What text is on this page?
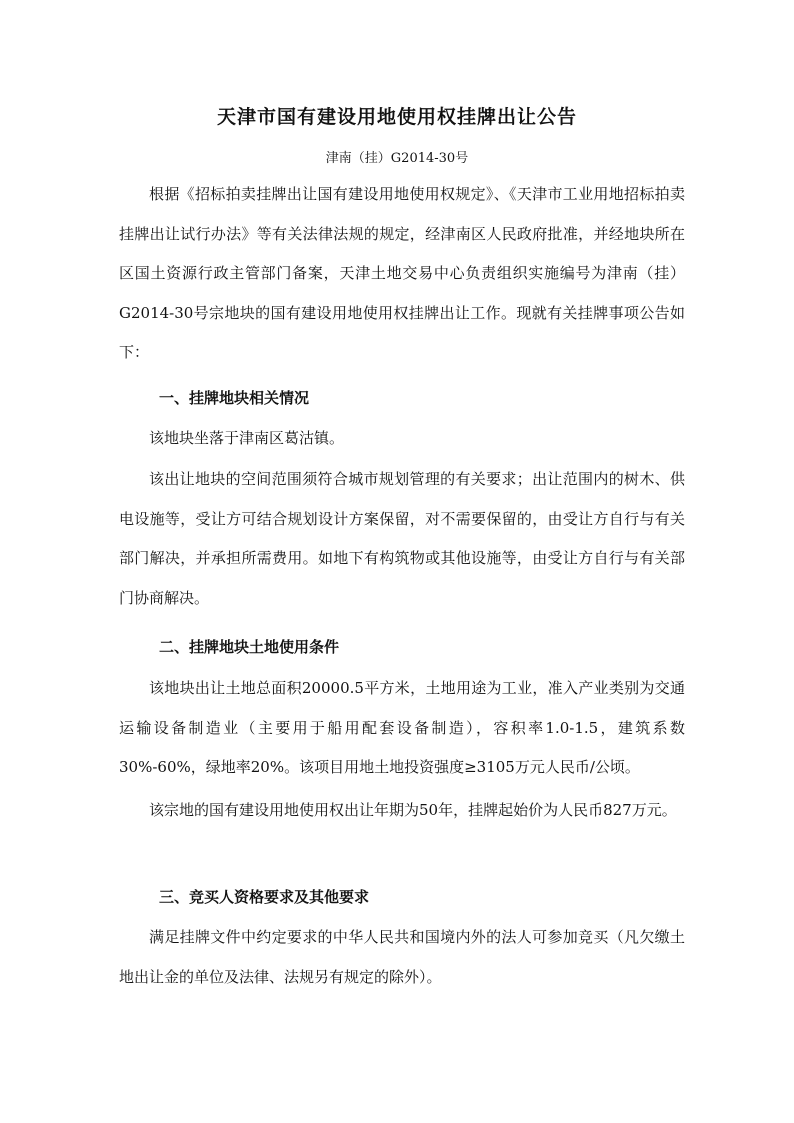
天津市国有建设用地使用权挂牌出让公告

津南（挂）G2014-30号

根据《招标拍卖挂牌出让国有建设用地使用权规定》、《天津市工业用地招标拍卖挂牌出让试行办法》等有关法律法规的规定，经津南区人民政府批准，并经地块所在区国土资源行政主管部门备案，天津土地交易中心负责组织实施编号为津南（挂）G2014-30号宗地块的国有建设用地使用权挂牌出让工作。现就有关挂牌事项公告如下：

一、挂牌地块相关情况

该地块坐落于津南区葛沽镇。

该出让地块的空间范围须符合城市规划管理的有关要求；出让范围内的树木、供电设施等，受让方可结合规划设计方案保留，对不需要保留的，由受让方自行与有关部门解决，并承担所需费用。如地下有构筑物或其他设施等，由受让方自行与有关部门协商解决。

二、挂牌地块土地使用条件

该地块出让土地总面积20000.5平方米，土地用途为工业，准入产业类别为交通运输设备制造业（主要用于船用配套设备制造），容积率1.0-1.5，建筑系数30%-60%，绿地率20%。该项目用地土地投资强度≥3105万元人民币/公顷。

该宗地的国有建设用地使用权出让年期为50年，挂牌起始价为人民币827万元。

三、竞买人资格要求及其他要求

满足挂牌文件中约定要求的中华人民共和国境内外的法人可参加竞买（凡欠缴土地出让金的单位及法律、法规另有规定的除外）。
